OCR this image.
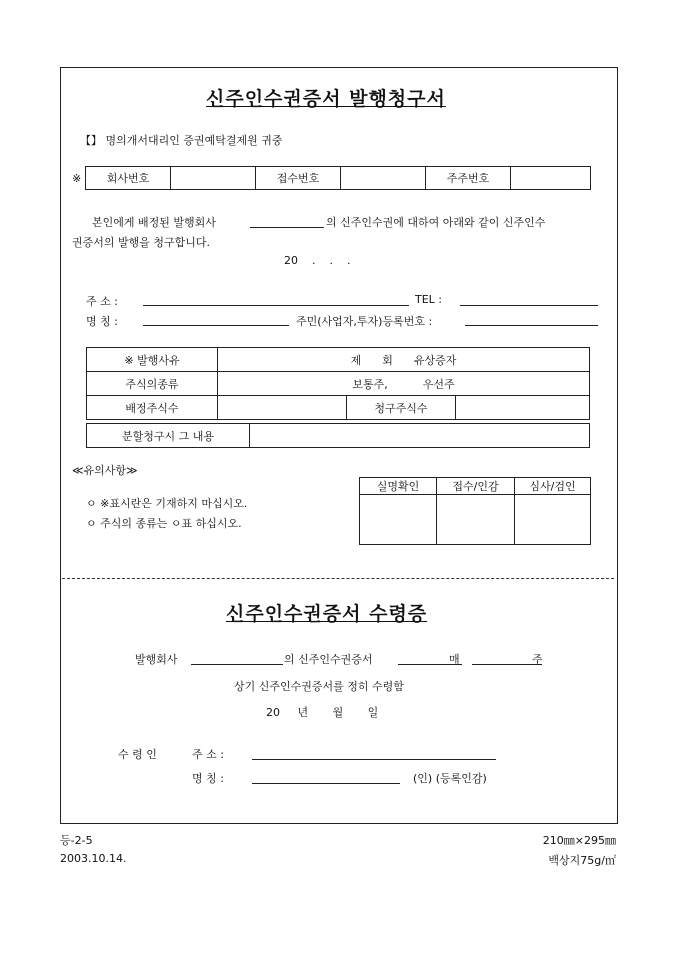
신주인수권증서 발행청구서
【】 명의개서대리인 증권예탁결제원 귀중
※ 회사번호		접수번호		주주번호	
본인에게 배정된 발행회사	의 신주인수권에 대하여 아래와 같이 신주인수
권증서의 발행을 청구합니다.
20    .    .    .
주 소 :	TEL :
명 칭 :	주민(사업자,투자)등록번호 :
※ 발행사유	제      회      유상증자		
주식의종류	보통주,          우선주		
배정주식수		청구주식수	
분할청구시 그 내용	
≪유의사항≫
ㅇ ※표시란은 기재하지 마십시오.
ㅇ 주식의 종류는 ㅇ표 하십시오.
실명확인	접수/인감	심사/검인

신주인수권증서 수령증
발행회사	의 신주인수권증서	매	주
상기 신주인수권증서를 정히 수령함
20     년       월       일
수 령 인	주 소 :
명 칭 :	(인) (등록인감)
등-2-5
2003.10.14.
210㎜×295㎜
백상지75g/㎡
